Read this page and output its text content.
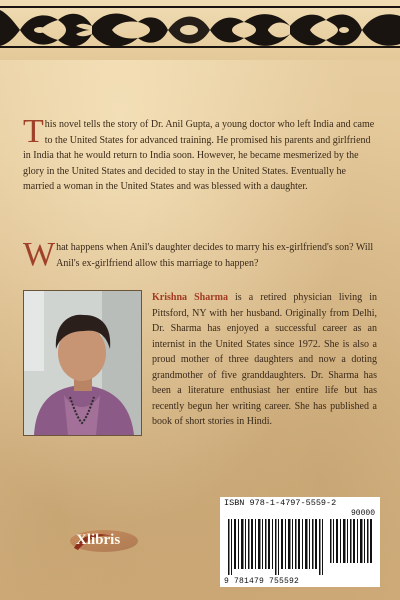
This novel tells the story of Dr. Anil Gupta, a young doctor who left India and came to the United States for advanced training. He promised his parents and girlfriend in India that he would return to India soon. However, he became mesmerized by the glory in the United States and decided to stay in the United States. Eventually he married a woman in the United States and was blessed with a daughter.
What happens when Anil's daughter decides to marry his ex-girlfriend's son? Will Anil's ex-girlfriend allow this marriage to happen?
Krishna Sharma is a retired physician living in Pittsford, NY with her husband. Originally from Delhi, Dr. Sharma has enjoyed a successful career as an internist in the United States since 1972. She is also a proud mother of three daughters and now a doting grandmother of five granddaughters. Dr. Sharma has been a literature enthusiast her entire life but has recently begun her writing career. She has published a book of short stories in Hindi.
ISBN 978-1-4797-5559-2
90000
9 781479 755592
Xlibris
